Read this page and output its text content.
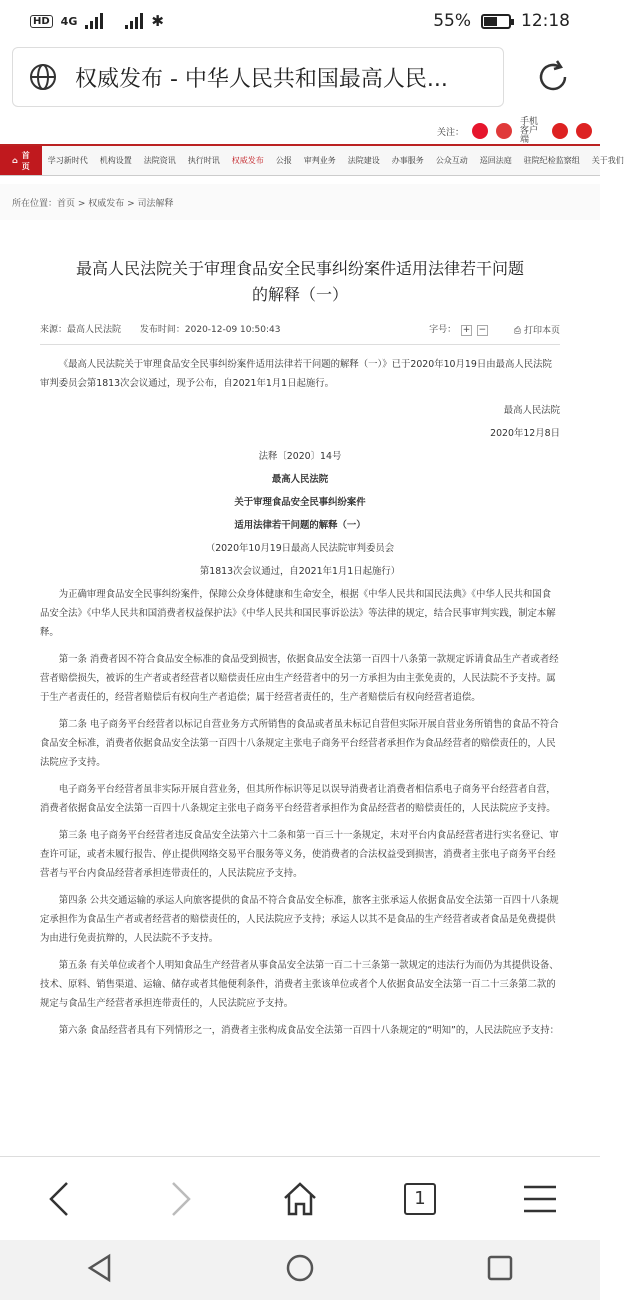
HD 4G	✱	55%	12:18
权威发布 - 中华人民共和国最高人民...
关注：
手机客户端
⌂
首页
学习新时代	机构设置	法院资讯	执行时讯	权威发布	公报	审判业务	法院建设	办事服务	公众互动	巡回法庭	驻院纪检监察组	关于我们
所在位置：首页 > 权威发布 > 司法解释
最高人民法院关于审理食品安全民事纠纷案件适用法律若干问题
的解释（一）
来源：最高人民法院 发布时间：2020-12-09 10:50:43	字号： + −	⎙ 打印本页

《最高人民法院关于审理食品安全民事纠纷案件适用法律若干问题的解释（一）》已于2020年10月19日由最高人民法院审判委员会第1813次会议通过，现予公布，自2021年1月1日起施行。

最高人民法院

2020年12月8日

法释〔2020〕14号

最高人民法院

关于审理食品安全民事纠纷案件

适用法律若干问题的解释（一）

（2020年10月19日最高人民法院审判委员会

第1813次会议通过，自2021年1月1日起施行）

为正确审理食品安全民事纠纷案件，保障公众身体健康和生命安全，根据《中华人民共和国民法典》《中华人民共和国食品安全法》《中华人民共和国消费者权益保护法》《中华人民共和国民事诉讼法》等法律的规定，结合民事审判实践，制定本解释。

第一条 消费者因不符合食品安全标准的食品受到损害，依据食品安全法第一百四十八条第一款规定诉请食品生产者或者经营者赔偿损失，被诉的生产者或者经营者以赔偿责任应由生产经营者中的另一方承担为由主张免责的，人民法院不予支持。属于生产者责任的，经营者赔偿后有权向生产者追偿；属于经营者责任的，生产者赔偿后有权向经营者追偿。

第二条 电子商务平台经营者以标记自营业务方式所销售的食品或者虽未标记自营但实际开展自营业务所销售的食品不符合食品安全标准，消费者依据食品安全法第一百四十八条规定主张电子商务平台经营者承担作为食品经营者的赔偿责任的，人民法院应予支持。

电子商务平台经营者虽非实际开展自营业务，但其所作标识等足以误导消费者让消费者相信系电子商务平台经营者自营，消费者依据食品安全法第一百四十八条规定主张电子商务平台经营者承担作为食品经营者的赔偿责任的，人民法院应予支持。

第三条 电子商务平台经营者违反食品安全法第六十二条和第一百三十一条规定，未对平台内食品经营者进行实名登记、审查许可证，或者未履行报告、停止提供网络交易平台服务等义务，使消费者的合法权益受到损害，消费者主张电子商务平台经营者与平台内食品经营者承担连带责任的，人民法院应予支持。

第四条 公共交通运输的承运人向旅客提供的食品不符合食品安全标准，旅客主张承运人依据食品安全法第一百四十八条规定承担作为食品生产者或者经营者的赔偿责任的，人民法院应予支持；承运人以其不是食品的生产经营者或者食品是免费提供为由进行免责抗辩的，人民法院不予支持。

第五条 有关单位或者个人明知食品生产经营者从事食品安全法第一百二十三条第一款规定的违法行为而仍为其提供设备、技术、原料、销售渠道、运输、储存或者其他便利条件，消费者主张该单位或者个人依据食品安全法第一百二十三条第二款的规定与食品生产经营者承担连带责任的，人民法院应予支持。

第六条 食品经营者具有下列情形之一，消费者主张构成食品安全法第一百四十八条规定的“明知”的，人民法院应予支持：

1
